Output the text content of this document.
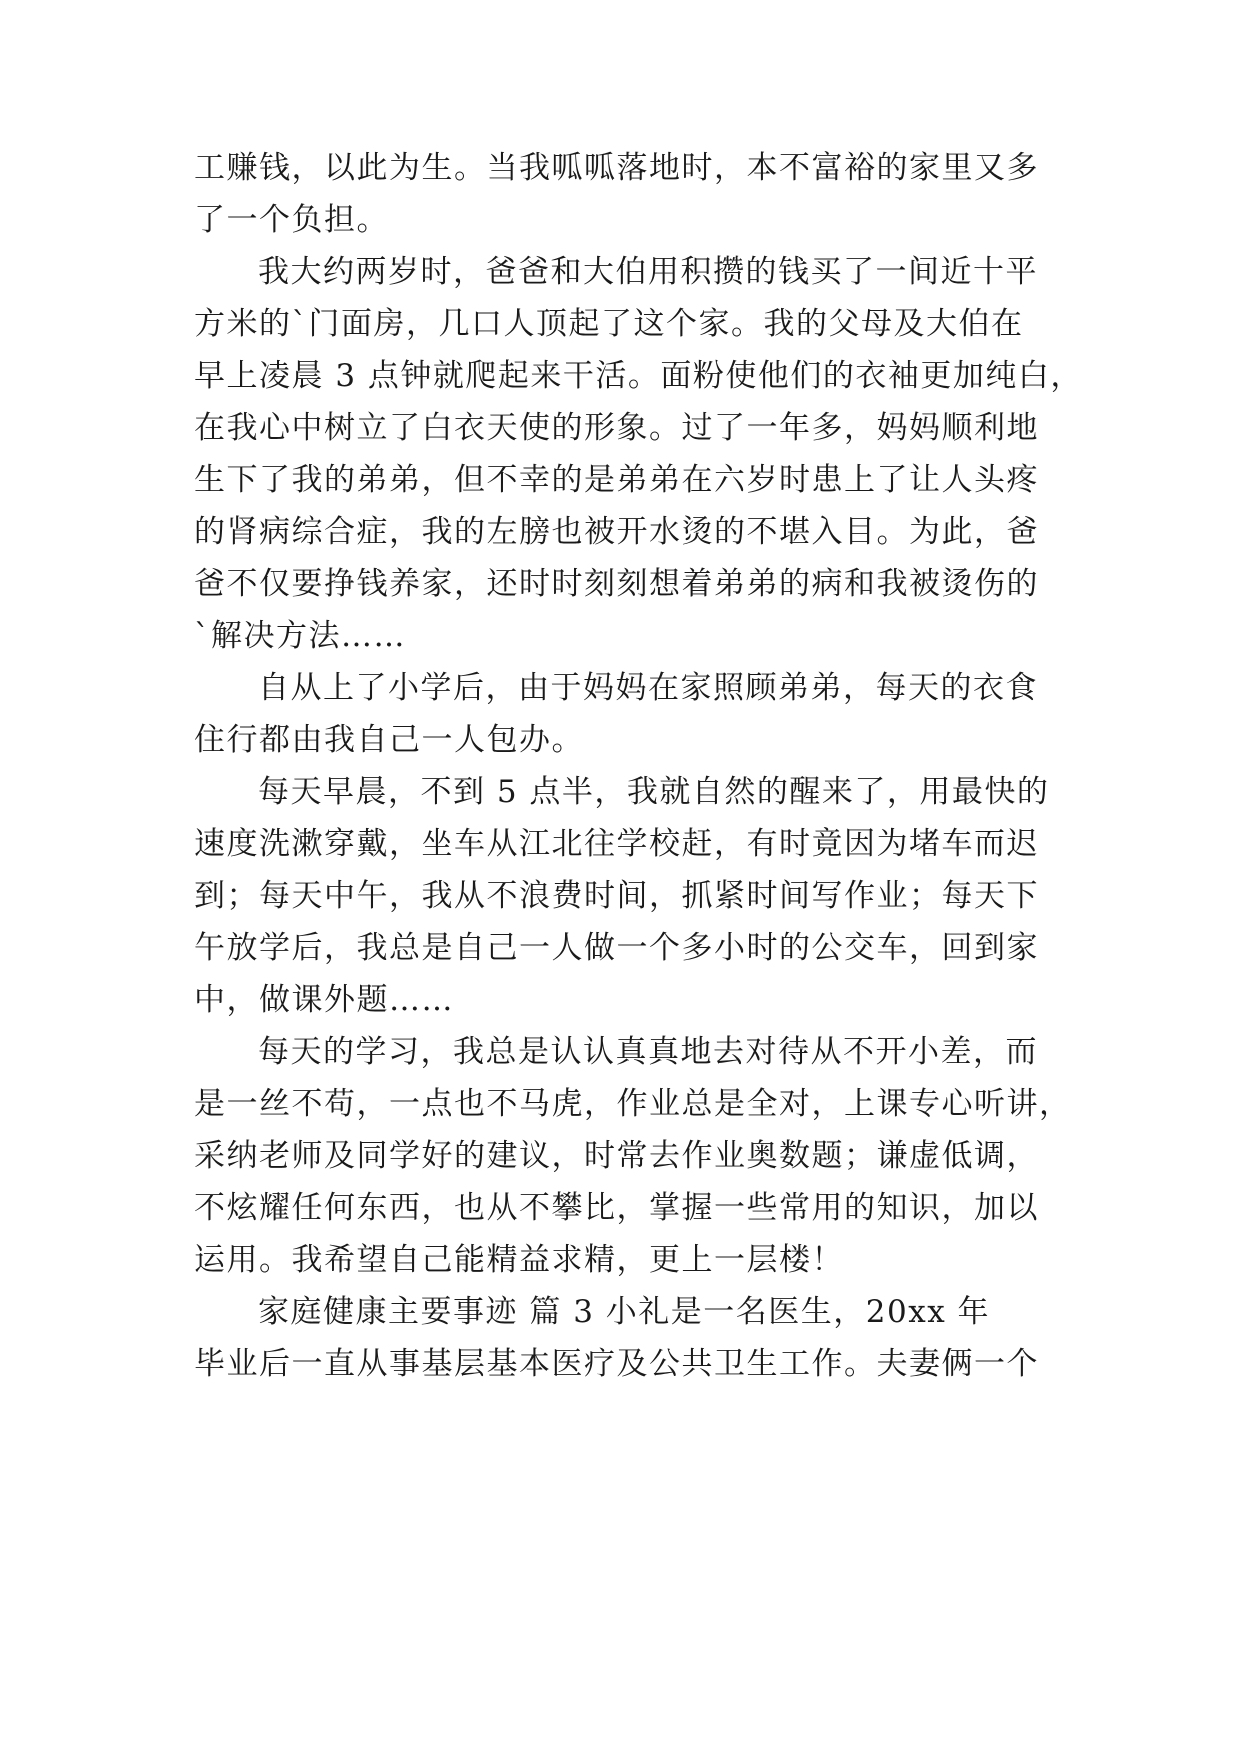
工赚钱，以此为生。当我呱呱落地时，本不富裕的家里又多
了一个负担。
我大约两岁时，爸爸和大伯用积攒的钱买了一间近十平
方米的`门面房，几口人顶起了这个家。我的父母及大伯在
早上凌晨 3 点钟就爬起来干活。面粉使他们的衣袖更加纯白，
在我心中树立了白衣天使的形象。过了一年多，妈妈顺利地
生下了我的弟弟，但不幸的是弟弟在六岁时患上了让人头疼
的肾病综合症，我的左膀也被开水烫的不堪入目。为此，爸
爸不仅要挣钱养家，还时时刻刻想着弟弟的病和我被烫伤的
`解决方法……
自从上了小学后，由于妈妈在家照顾弟弟，每天的衣食
住行都由我自己一人包办。
每天早晨，不到 5 点半，我就自然的醒来了，用最快的
速度洗漱穿戴，坐车从江北往学校赶，有时竟因为堵车而迟
到；每天中午，我从不浪费时间，抓紧时间写作业；每天下
午放学后，我总是自己一人做一个多小时的公交车，回到家
中，做课外题……
每天的学习，我总是认认真真地去对待从不开小差，而
是一丝不苟，一点也不马虎，作业总是全对，上课专心听讲，
采纳老师及同学好的建议，时常去作业奥数题；谦虚低调，
不炫耀任何东西，也从不攀比，掌握一些常用的知识，加以
运用。我希望自己能精益求精，更上一层楼！
家庭健康主要事迹 篇 3 小礼是一名医生，20xx 年
毕业后一直从事基层基本医疗及公共卫生工作。夫妻俩一个
